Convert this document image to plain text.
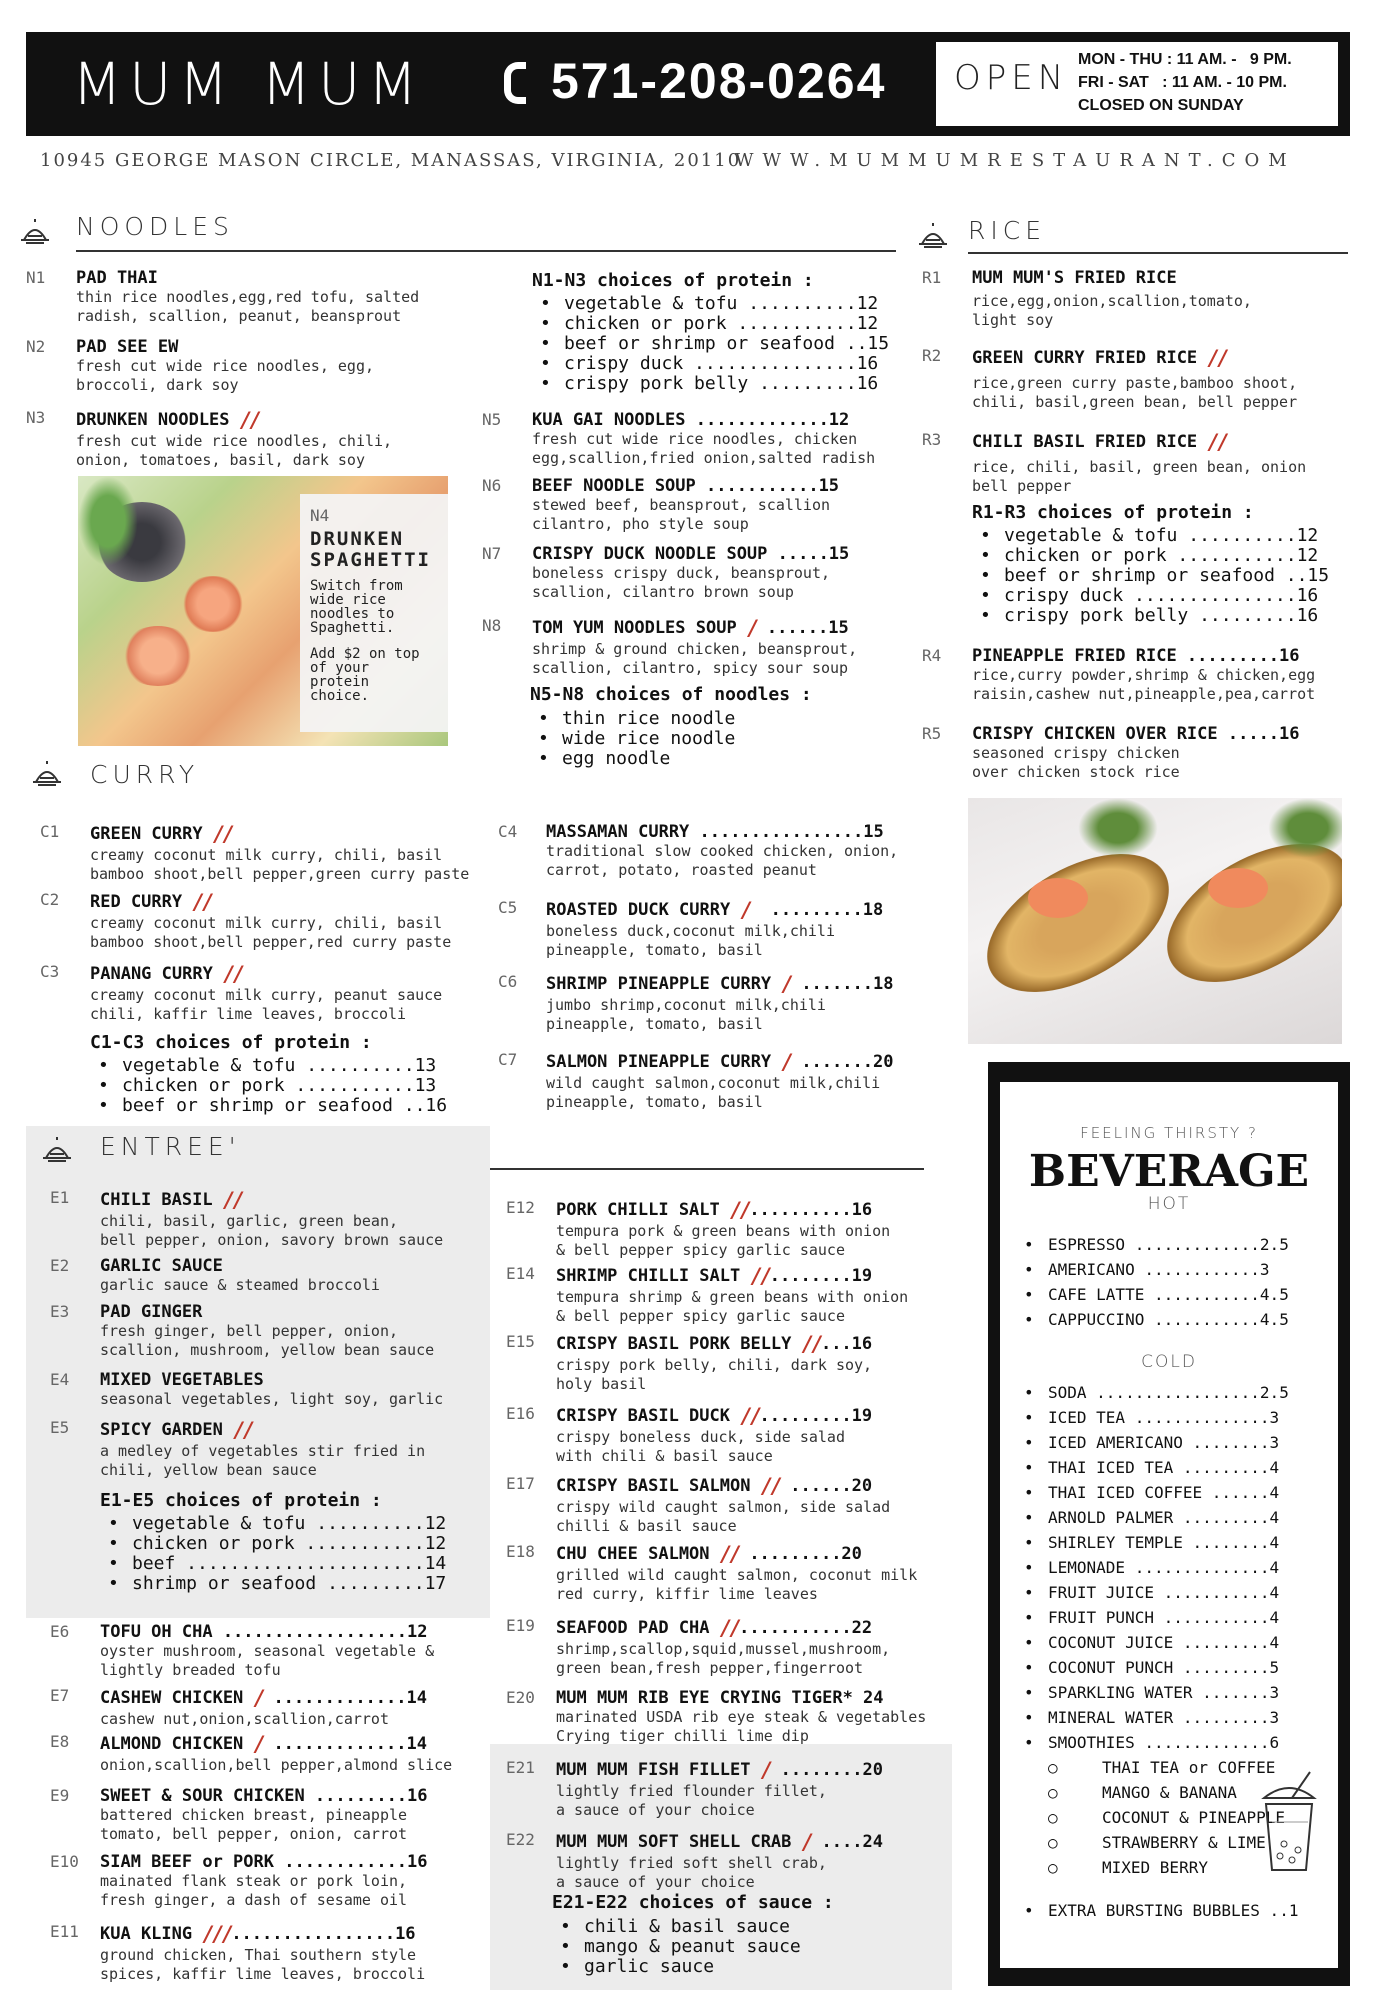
MUM MUM	571-208-0264 OPEN MON - THU : 11 AM. -   9 PM.
FRI - SAT   : 11 AM. - 10 PM.
CLOSED ON SUNDAY
10945 GEORGE MASON CIRCLE, MANASSAS, VIRGINIA, 20110
WWW.MUMMUMRESTAURANT.COM
NOODLES
N1 PAD THAI
thin rice noodles,egg,red tofu, salted
radish, scallion, peanut, beansprout
N2 PAD SEE EW
fresh cut wide rice noodles, egg,
broccoli, dark soy
N3 DRUNKEN NOODLES //
fresh cut wide rice noodles, chili,
onion, tomatoes, basil, dark soy
N4
DRUNKEN SPAGHETTI
Switch from wide rice noodles to Spaghetti.
Add $2 on top of your protein choice.
N1-N3 choices of protein :
• vegetable & tofu ..........12
• chicken or pork ...........12
• beef or shrimp or seafood ..15
• crispy duck ...............16
• crispy pork belly .........16
N5 KUA GAI NOODLES .............12
fresh cut wide rice noodles, chicken
egg,scallion,fried onion,salted radish
N6 BEEF NOODLE SOUP ...........15
stewed beef, beansprout, scallion
cilantro, pho style soup
N7 CRISPY DUCK NOODLE SOUP .....15
boneless crispy duck, beansprout,
scallion, cilantro brown soup
N8 TOM YUM NOODLES SOUP / ......15
shrimp & ground chicken, beansprout,
scallion, cilantro, spicy sour soup
N5-N8 choices of noodles :
• thin rice noodle
• wide rice noodle
• egg noodle
RICE
R1 MUM MUM'S FRIED RICE
rice,egg,onion,scallion,tomato,
light soy
R2 GREEN CURRY FRIED RICE //
rice,green curry paste,bamboo shoot,
chili, basil,green bean, bell pepper
R3 CHILI BASIL FRIED RICE //
rice, chili, basil, green bean, onion
bell pepper
R1-R3 choices of protein :
• vegetable & tofu ..........12
• chicken or pork ...........12
• beef or shrimp or seafood ..15
• crispy duck ...............16
• crispy pork belly .........16
R4 PINEAPPLE FRIED RICE .........16
rice,curry powder,shrimp & chicken,egg
raisin,cashew nut,pineapple,pea,carrot
R5 CRISPY CHICKEN OVER RICE .....16
seasoned crispy chicken
over chicken stock rice
CURRY
C1 GREEN CURRY //
creamy coconut milk curry, chili, basil
bamboo shoot,bell pepper,green curry paste
C2 RED CURRY //
creamy coconut milk curry, chili, basil
bamboo shoot,bell pepper,red curry paste
C3 PANANG CURRY //
creamy coconut milk curry, peanut sauce
chili, kaffir lime leaves, broccoli
C1-C3 choices of protein :
• vegetable & tofu ..........13
• chicken or pork ...........13
• beef or shrimp or seafood ..16
C4 MASSAMAN CURRY ................15
traditional slow cooked chicken, onion,
carrot, potato, roasted peanut
C5 ROASTED DUCK CURRY /  .........18
boneless duck,coconut milk,chili
pineapple, tomato, basil
C6 SHRIMP PINEAPPLE CURRY / .......18
jumbo shrimp,coconut milk,chili
pineapple, tomato, basil
C7 SALMON PINEAPPLE CURRY / .......20
wild caught salmon,coconut milk,chili
pineapple, tomato, basil
ENTREE'
E1 CHILI BASIL //
chili, basil, garlic, green bean,
bell pepper, onion, savory brown sauce
E2 GARLIC SAUCE
garlic sauce & steamed broccoli
E3 PAD GINGER
fresh ginger, bell pepper, onion,
scallion, mushroom, yellow bean sauce
E4 MIXED VEGETABLES
seasonal vegetables, light soy, garlic
E5 SPICY GARDEN //
a medley of vegetables stir fried in
chili, yellow bean sauce
E1-E5 choices of protein :
• vegetable & tofu ..........12
• chicken or pork ...........12
• beef ......................14
• shrimp or seafood .........17
E6 TOFU OH CHA ..................12
oyster mushroom, seasonal vegetable &
lightly breaded tofu
E7 CASHEW CHICKEN / .............14
cashew nut,onion,scallion,carrot
E8 ALMOND CHICKEN / .............14
onion,scallion,bell pepper,almond slice
E9 SWEET & SOUR CHICKEN .........16
battered chicken breast, pineapple
tomato, bell pepper, onion, carrot
E10 SIAM BEEF or PORK ............16
mainated flank steak or pork loin,
fresh ginger, a dash of sesame oil
E11 KUA KLING ///................16
ground chicken, Thai southern style
spices, kaffir lime leaves, broccoli
E12 PORK CHILLI SALT //..........16
tempura pork & green beans with onion
& bell pepper spicy garlic sauce
E14 SHRIMP CHILLI SALT //........19
tempura shrimp & green beans with onion
& bell pepper spicy garlic sauce
E15 CRISPY BASIL PORK BELLY //...16
crispy pork belly, chili, dark soy,
holy basil
E16 CRISPY BASIL DUCK //.........19
crispy boneless duck, side salad
with chili & basil sauce
E17 CRISPY BASIL SALMON // ......20
crispy wild caught salmon, side salad
chilli & basil sauce
E18 CHU CHEE SALMON // .........20
grilled wild caught salmon, coconut milk
red curry, kiffir lime leaves
E19 SEAFOOD PAD CHA //...........22
shrimp,scallop,squid,mussel,mushroom,
green bean,fresh pepper,fingerroot
E20 MUM MUM RIB EYE CRYING TIGER* 24
marinated USDA rib eye steak & vegetables
Crying tiger chilli lime dip
E21 MUM MUM FISH FILLET / ........20
lightly fried flounder fillet,
a sauce of your choice
E22 MUM MUM SOFT SHELL CRAB / ....24
lightly fried soft shell crab,
a sauce of your choice
E21-E22 choices of sauce :
• chili & basil sauce
• mango & peanut sauce
• garlic sauce
FEELING THIRSTY ?
BEVERAGE
HOT
• ESPRESSO .............2.5
• AMERICANO ............3
• CAFE LATTE ...........4.5
• CAPPUCCINO ...........4.5
COLD
• SODA .................2.5
• ICED TEA ..............3
• ICED AMERICANO ........3
• THAI ICED TEA .........4
• THAI ICED COFFEE ......4
• ARNOLD PALMER .........4
• SHIRLEY TEMPLE ........4
• LEMONADE ..............4
• FRUIT JUICE ...........4
• FRUIT PUNCH ...........4
• COCONUT JUICE .........4
• COCONUT PUNCH .........5
• SPARKLING WATER .......3
• MINERAL WATER .........3
• SMOOTHIES .............6
○ THAI TEA or COFFEE
○ MANGO & BANANA
○ COCONUT & PINEAPPLE
○ STRAWBERRY & LIME
○ MIXED BERRY
• EXTRA BURSTING BUBBLES ..1
